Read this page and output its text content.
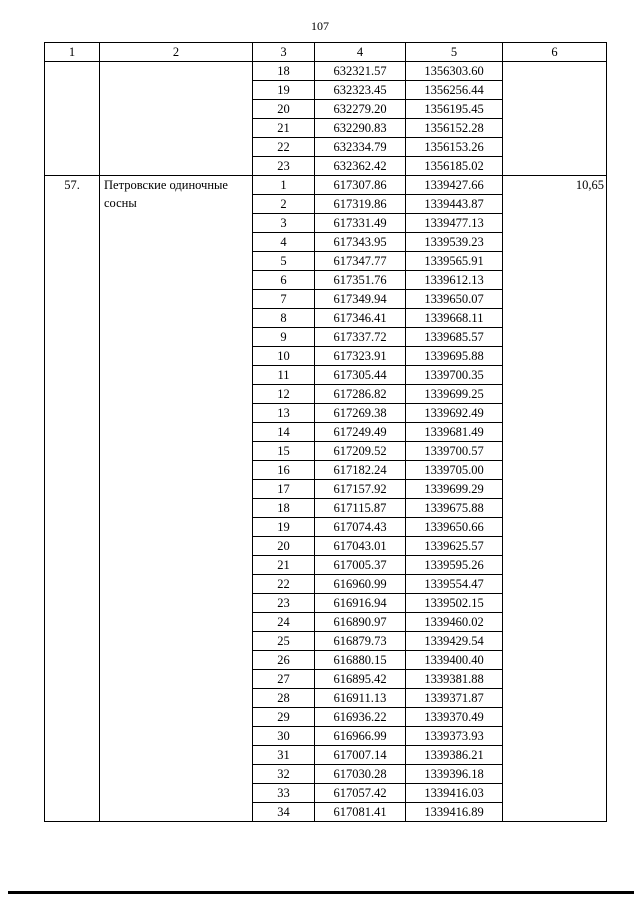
107
1	2	3	4	5	6
		18	632321.57	1356303.60	
		19	632323.45	1356256.44	
		20	632279.20	1356195.45	
		21	632290.83	1356152.28	
		22	632334.79	1356153.26	
		23	632362.42	1356185.02	
57.	Петровские одиночные сосны	1	617307.86	1339427.66	10,65
		2	617319.86	1339443.87	
		3	617331.49	1339477.13	
		4	617343.95	1339539.23	
		5	617347.77	1339565.91	
		6	617351.76	1339612.13	
		7	617349.94	1339650.07	
		8	617346.41	1339668.11	
		9	617337.72	1339685.57	
		10	617323.91	1339695.88	
		11	617305.44	1339700.35	
		12	617286.82	1339699.25	
		13	617269.38	1339692.49	
		14	617249.49	1339681.49	
		15	617209.52	1339700.57	
		16	617182.24	1339705.00	
		17	617157.92	1339699.29	
		18	617115.87	1339675.88	
		19	617074.43	1339650.66	
		20	617043.01	1339625.57	
		21	617005.37	1339595.26	
		22	616960.99	1339554.47	
		23	616916.94	1339502.15	
		24	616890.97	1339460.02	
		25	616879.73	1339429.54	
		26	616880.15	1339400.40	
		27	616895.42	1339381.88	
		28	616911.13	1339371.87	
		29	616936.22	1339370.49	
		30	616966.99	1339373.93	
		31	617007.14	1339386.21	
		32	617030.28	1339396.18	
		33	617057.42	1339416.03	
		34	617081.41	1339416.89	
